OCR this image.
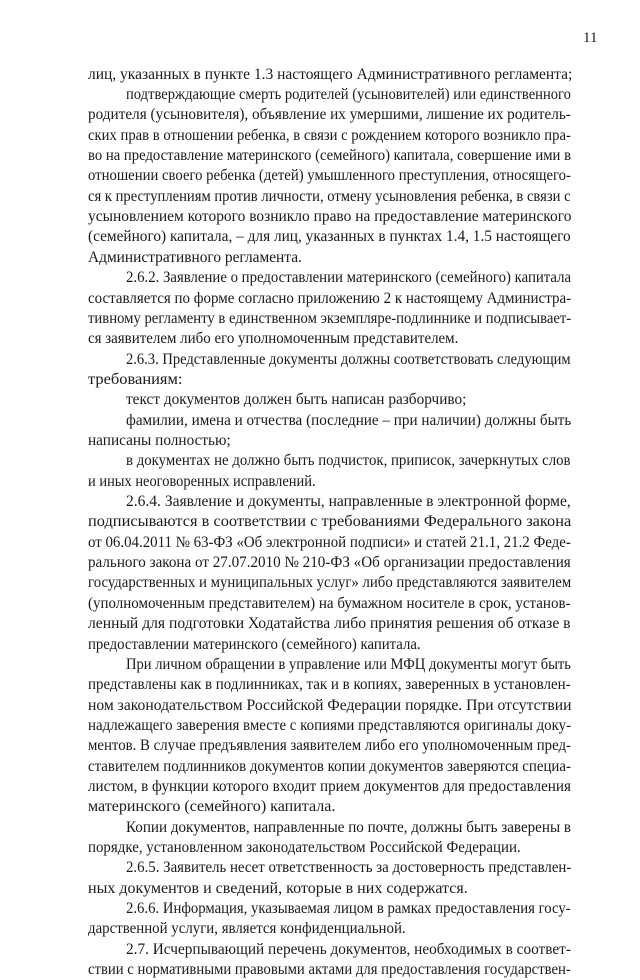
11
лиц, указанных в пункте 1.3 настоящего Административного регламента;
подтверждающие смерть родителей (усыновителей) или единственного
родителя (усыновителя), объявление их умершими, лишение их родитель-
ских прав в отношении ребенка, в связи с рождением которого возникло пра-
во на предоставление материнского (семейного) капитала, совершение ими в
отношении своего ребенка (детей) умышленного преступления, относящего-
ся к преступлениям против личности, отмену усыновления ребенка, в связи с
усыновлением которого возникло право на предоставление материнского
(семейного) капитала, – для лиц, указанных в пунктах 1.4, 1.5 настоящего
Административного регламента.
2.6.2. Заявление о предоставлении материнского (семейного) капитала
составляется по форме согласно приложению 2 к настоящему Администра-
тивному регламенту в единственном экземпляре-подлиннике и подписывает-
ся заявителем либо его уполномоченным представителем.
2.6.3. Представленные документы должны соответствовать следующим
требованиям:
текст документов должен быть написан разборчиво;
фамилии, имена и отчества (последние – при наличии) должны быть
написаны полностью;
в документах не должно быть подчисток, приписок, зачеркнутых слов
и иных неоговоренных исправлений.
2.6.4. Заявление и документы, направленные в электронной форме,
подписываются в соответствии с требованиями Федерального закона
от 06.04.2011 № 63-ФЗ «Об электронной подписи» и статей 21.1, 21.2 Феде-
рального закона от 27.07.2010 № 210-ФЗ «Об организации предоставления
государственных и муниципальных услуг» либо представляются заявителем
(уполномоченным представителем) на бумажном носителе в срок, установ-
ленный для подготовки Ходатайства либо принятия решения об отказе в
предоставлении материнского (семейного) капитала.
При личном обращении в управление или МФЦ документы могут быть
представлены как в подлинниках, так и в копиях, заверенных в установлен-
ном законодательством Российской Федерации порядке. При отсутствии
надлежащего заверения вместе с копиями представляются оригиналы доку-
ментов. В случае предъявления заявителем либо его уполномоченным пред-
ставителем подлинников документов копии документов заверяются специа-
листом, в функции которого входит прием документов для предоставления
материнского (семейного) капитала.
Копии документов, направленные по почте, должны быть заверены в
порядке, установленном законодательством Российской Федерации.
2.6.5. Заявитель несет ответственность за достоверность представлен-
ных документов и сведений, которые в них содержатся.
2.6.6. Информация, указываемая лицом в рамках предоставления госу-
дарственной услуги, является конфиденциальной.
2.7. Исчерпывающий перечень документов, необходимых в соответ-
ствии с нормативными правовыми актами для предоставления государствен-
